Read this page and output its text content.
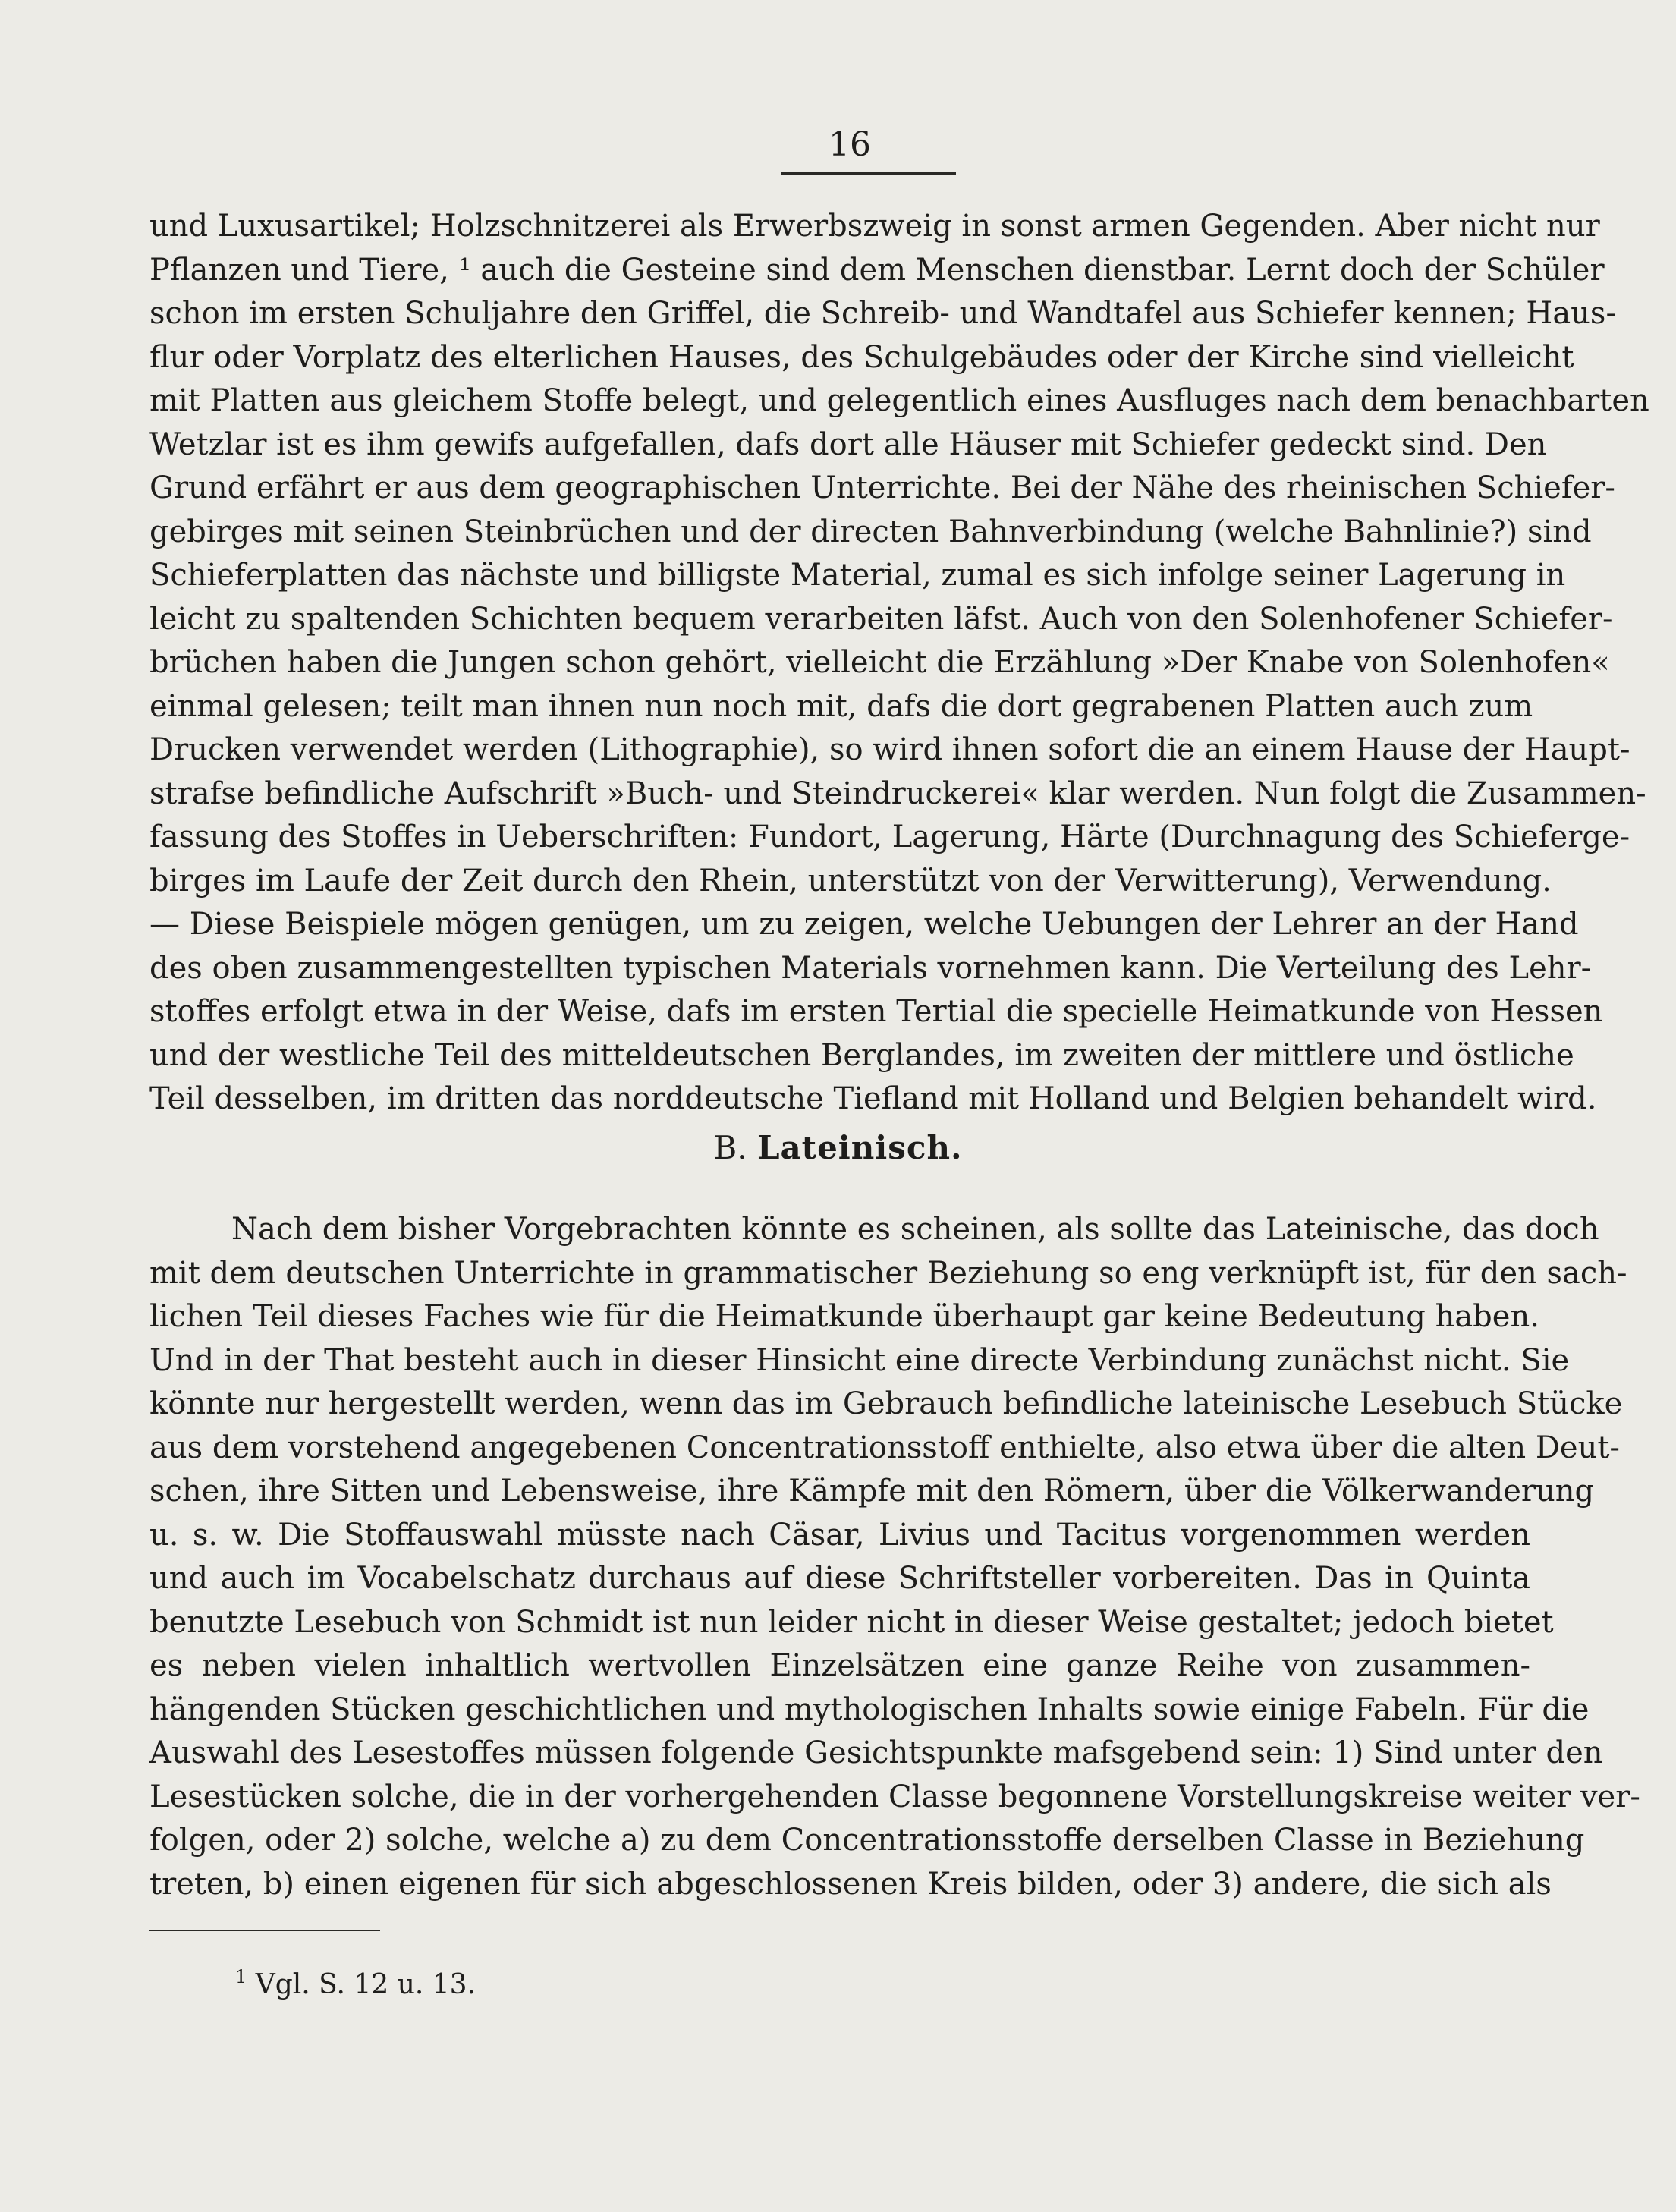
16
und Luxusartikel; Holzschnitzerei als Erwerbszweig in sonst armen Gegenden. Aber nicht nur
Pflanzen und Tiere, ¹ auch die Gesteine sind dem Menschen dienstbar. Lernt doch der Schüler
schon im ersten Schuljahre den Griffel, die Schreib- und Wandtafel aus Schiefer kennen; Haus-
flur oder Vorplatz des elterlichen Hauses, des Schulgebäudes oder der Kirche sind vielleicht
mit Platten aus gleichem Stoffe belegt, und gelegentlich eines Ausfluges nach dem benachbarten
Wetzlar ist es ihm gewifs aufgefallen, dafs dort alle Häuser mit Schiefer gedeckt sind. Den
Grund erfährt er aus dem geographischen Unterrichte. Bei der Nähe des rheinischen Schiefer-
gebirges mit seinen Steinbrüchen und der directen Bahnverbindung (welche Bahnlinie?) sind
Schieferplatten das nächste und billigste Material, zumal es sich infolge seiner Lagerung in
leicht zu spaltenden Schichten bequem verarbeiten läfst. Auch von den Solenhofener Schiefer-
brüchen haben die Jungen schon gehört, vielleicht die Erzählung »Der Knabe von Solenhofen«
einmal gelesen; teilt man ihnen nun noch mit, dafs die dort gegrabenen Platten auch zum
Drucken verwendet werden (Lithographie), so wird ihnen sofort die an einem Hause der Haupt-
strafse befindliche Aufschrift »Buch- und Steindruckerei« klar werden. Nun folgt die Zusammen-
fassung des Stoffes in Ueberschriften: Fundort, Lagerung, Härte (Durchnagung des Schieferge-
birges im Laufe der Zeit durch den Rhein, unterstützt von der Verwitterung), Verwendung.
— Diese Beispiele mögen genügen, um zu zeigen, welche Uebungen der Lehrer an der Hand
des oben zusammengestellten typischen Materials vornehmen kann. Die Verteilung des Lehr-
stoffes erfolgt etwa in der Weise, dafs im ersten Tertial die specielle Heimatkunde von Hessen
und der westliche Teil des mitteldeutschen Berglandes, im zweiten der mittlere und östliche
Teil desselben, im dritten das norddeutsche Tiefland mit Holland und Belgien behandelt wird.
B. Lateinisch.
Nach dem bisher Vorgebrachten könnte es scheinen, als sollte das Lateinische, das doch
mit dem deutschen Unterrichte in grammatischer Beziehung so eng verknüpft ist, für den sach-
lichen Teil dieses Faches wie für die Heimatkunde überhaupt gar keine Bedeutung haben.
Und in der That besteht auch in dieser Hinsicht eine directe Verbindung zunächst nicht. Sie
könnte nur hergestellt werden, wenn das im Gebrauch befindliche lateinische Lesebuch Stücke
aus dem vorstehend angegebenen Concentrationsstoff enthielte, also etwa über die alten Deut-
schen, ihre Sitten und Lebensweise, ihre Kämpfe mit den Römern, über die Völkerwanderung
u. s. w. Die Stoffauswahl müsste nach Cäsar, Livius und Tacitus vorgenommen werden
und auch im Vocabelschatz durchaus auf diese Schriftsteller vorbereiten. Das in Quinta
benutzte Lesebuch von Schmidt ist nun leider nicht in dieser Weise gestaltet; jedoch bietet
es neben vielen inhaltlich wertvollen Einzelsätzen eine ganze Reihe von zusammen-
hängenden Stücken geschichtlichen und mythologischen Inhalts sowie einige Fabeln. Für die
Auswahl des Lesestoffes müssen folgende Gesichtspunkte mafsgebend sein: 1) Sind unter den
Lesestücken solche, die in der vorhergehenden Classe begonnene Vorstellungskreise weiter ver-
folgen, oder 2) solche, welche a) zu dem Concentrationsstoffe derselben Classe in Beziehung
treten, b) einen eigenen für sich abgeschlossenen Kreis bilden, oder 3) andere, die sich als
$^1$ Vgl. S. 12 u. 13.
